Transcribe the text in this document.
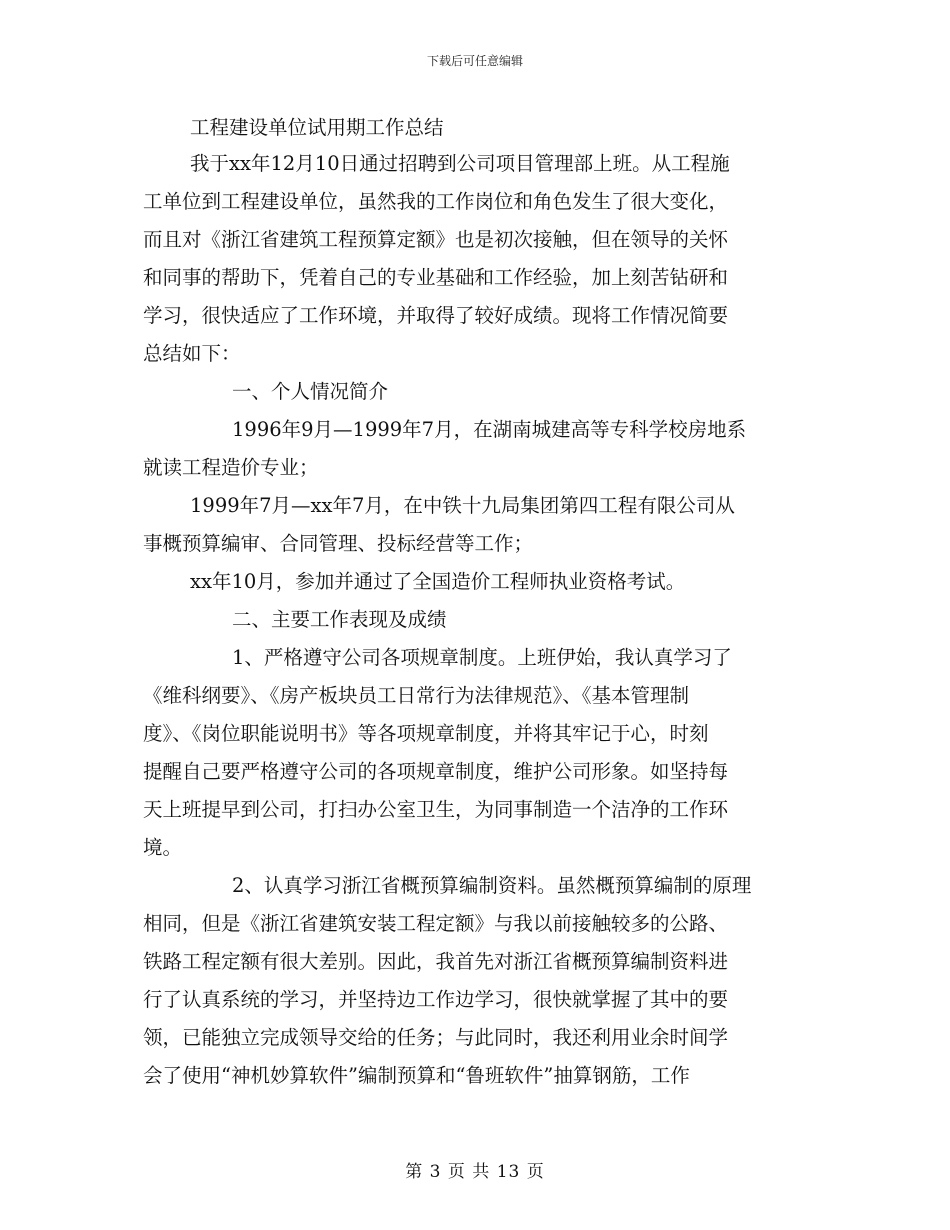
下载后可任意编辑
工程建设单位试用期工作总结
我于xx年12月10日通过招聘到公司项目管理部上班。从工程施
工单位到工程建设单位，虽然我的工作岗位和角色发生了很大变化，
而且对《浙江省建筑工程预算定额》也是初次接触，但在领导的关怀
和同事的帮助下，凭着自己的专业基础和工作经验，加上刻苦钻研和
学习，很快适应了工作环境，并取得了较好成绩。现将工作情况简要
总结如下：
一、个人情况简介
1996年9月—1999年7月，在湖南城建高等专科学校房地系
就读工程造价专业；
1999年7月—xx年7月，在中铁十九局集团第四工程有限公司从
事概预算编审、合同管理、投标经营等工作；
xx年10月，参加并通过了全国造价工程师执业资格考试。
二、主要工作表现及成绩
1、严格遵守公司各项规章制度。上班伊始，我认真学习了
《维科纲要》、《房产板块员工日常行为法律规范》、《基本管理制
度》、《岗位职能说明书》等各项规章制度，并将其牢记于心，时刻
提醒自己要严格遵守公司的各项规章制度，维护公司形象。如坚持每
天上班提早到公司，打扫办公室卫生，为同事制造一个洁净的工作环
境。
2、认真学习浙江省概预算编制资料。虽然概预算编制的原理
相同，但是《浙江省建筑安装工程定额》与我以前接触较多的公路、
铁路工程定额有很大差别。因此，我首先对浙江省概预算编制资料进
行了认真系统的学习，并坚持边工作边学习，很快就掌握了其中的要
领，已能独立完成领导交给的任务；与此同时，我还利用业余时间学
会了使用“神机妙算软件”编制预算和“鲁班软件”抽算钢筋，工作
第 3 页 共 13 页
